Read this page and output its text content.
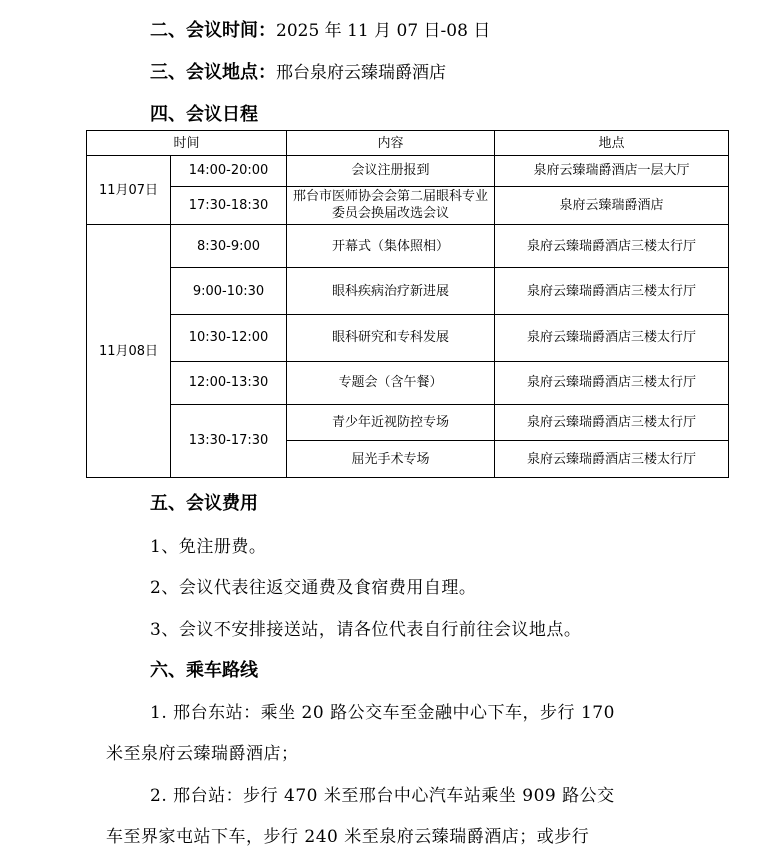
二、会议时间：2025 年 11 月 07 日-08 日
三、会议地点：邢台泉府云臻瑞爵酒店
四、会议日程
时间		内容	地点
11月07日	14:00-20:00	会议注册报到	泉府云臻瑞爵酒店一层大厅
	17:30-18:30	邢台市医师协会会第二届眼科专业委员会换届改选会议	泉府云臻瑞爵酒店
11月08日	8:30-9:00	开幕式（集体照相）	泉府云臻瑞爵酒店三楼太行厅
	9:00-10:30	眼科疾病治疗新进展	泉府云臻瑞爵酒店三楼太行厅
	10:30-12:00	眼科研究和专科发展	泉府云臻瑞爵酒店三楼太行厅
	12:00-13:30	专题会（含午餐）	泉府云臻瑞爵酒店三楼太行厅
	13:30-17:30	青少年近视防控专场	泉府云臻瑞爵酒店三楼太行厅
		屈光手术专场	泉府云臻瑞爵酒店三楼太行厅
五、会议费用
1、免注册费。
2、会议代表往返交通费及食宿费用自理。
3、会议不安排接送站，请各位代表自行前往会议地点。
六、乘车路线
1. 邢台东站：乘坐 20 路公交车至金融中心下车，步行 170
米至泉府云臻瑞爵酒店；
2. 邢台站：步行 470 米至邢台中心汽车站乘坐 909 路公交
车至界家屯站下车，步行 240 米至泉府云臻瑞爵酒店；或步行
